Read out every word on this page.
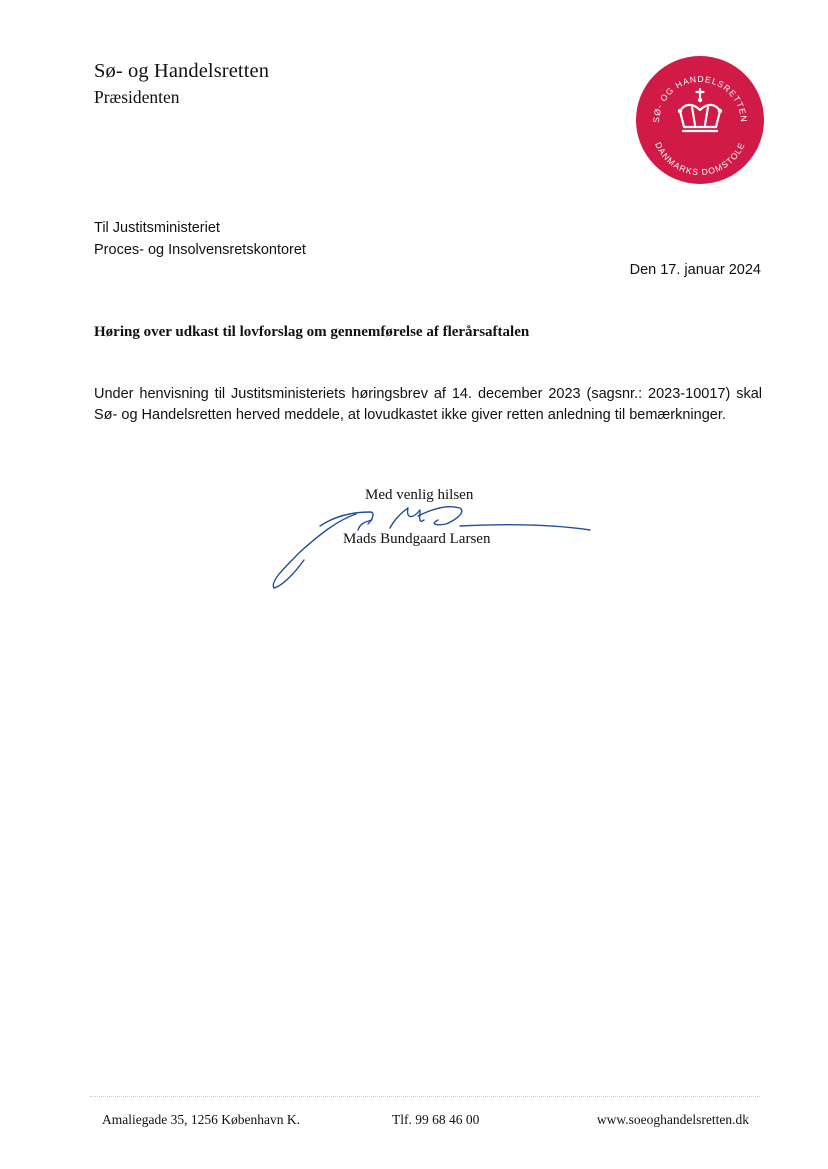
Sø- og Handelsretten
Præsidenten
SØ- OG HANDELSRETTEN
DANMARKS DOMSTOLE
Til Justitsministeriet
Proces- og Insolvensretskontoret
Den 17. januar 2024
Høring over udkast til lovforslag om gennemførelse af flerårsaftalen
Under henvisning til Justitsministeriets høringsbrev af 14. december 2023 (sagsnr.: 2023-10017) skal Sø- og Handelsretten herved meddele, at lovudkastet ikke giver retten anledning til bemærkninger.
Med venlig hilsen
Mads Bundgaard Larsen
Amaliegade 35, 1256 København K.	Tlf. 99 68 46 00	www.soeoghandelsretten.dk
